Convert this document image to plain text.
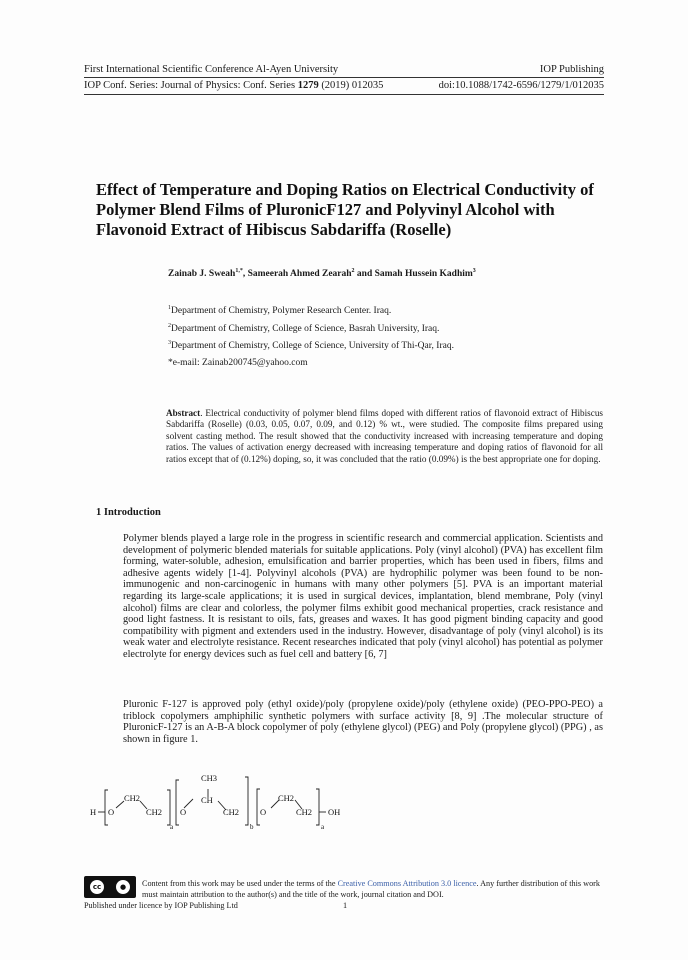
First International Scientific Conference Al-Ayen University	IOP Publishing
IOP Conf. Series: Journal of Physics: Conf. Series 1279 (2019) 012035	doi:10.1088/1742-6596/1279/1/012035
Effect of Temperature and Doping Ratios on Electrical Conductivity of Polymer Blend Films of PluronicF127 and Polyvinyl Alcohol with Flavonoid Extract of Hibiscus Sabdariffa (Roselle)
Zainab J. Sweah$^{1,*}$, Sameerah Ahmed Zearah$^2$ and Samah Hussein Kadhim$^3$
$^1$Department of Chemistry, Polymer Research Center. Iraq.
$^2$Department of Chemistry, College of Science, Basrah University, Iraq.
$^3$Department of Chemistry, College of Science, University of Thi-Qar, Iraq.
*e-mail: Zainab200745@yahoo.com
Abstract. Electrical conductivity of polymer blend films doped with different ratios of flavonoid extract of Hibiscus Sabdariffa (Roselle) (0.03, 0.05, 0.07, 0.09, and 0.12) % wt., were studied. The composite films prepared using solvent casting method. The result showed that the conductivity increased with increasing temperature and doping ratios. The values of activation energy decreased with increasing temperature and doping ratios of flavonoid for all ratios except that of (0.12%) doping, so, it was concluded that the ratio (0.09%) is the best appropriate one for doping.
1 Introduction
Polymer blends played a large role in the progress in scientific research and commercial application. Scientists and development of polymeric blended materials for suitable applications. Poly (vinyl alcohol) (PVA) has excellent film forming, water-soluble, adhesion, emulsification and barrier properties, which has been used in fibers, films and adhesive agents widely [1-4]. Polyvinyl alcohols (PVA) are hydrophilic polymer was been found to be non-immunogenic and non-carcinogenic in humans with many other polymers [5]. PVA is an important material regarding its large-scale applications; it is used in surgical devices, implantation, blend membrane, Poly (vinyl alcohol) films are clear and colorless, the polymer films exhibit good mechanical properties, crack resistance and good light fastness. It is resistant to oils, fats, greases and waxes. It has good pigment binding capacity and good compatibility with pigment and extenders used in the industry. However, disadvantage of poly (vinyl alcohol) is its weak water and electrolyte resistance. Recent researches indicated that poly (vinyl alcohol) has potential as polymer electrolyte for energy devices such as fuel cell and battery [6, 7]
Pluronic F-127 is approved poly (ethyl oxide)/poly (propylene oxide)/poly (ethylene oxide) (PEO-PPO-PEO) a triblock copolymers amphiphilic synthetic polymers with surface activity [8, 9] .The molecular structure of PluronicF-127 is an A-B-A block copolymer of poly (ethylene glycol) (PEG) and Poly (propylene glycol) (PPG) , as shown in figure 1.
H O
CH2
CH2
a
O
CH3
CH
CH2
b
O
CH2
CH2 OH
a
cc	●	Content from this work may be used under the terms of the Creative Commons Attribution 3.0 licence. Any further distribution of this work must maintain attribution to the author(s) and the title of the work, journal citation and DOI.
Published under licence by IOP Publishing Ltd	1
